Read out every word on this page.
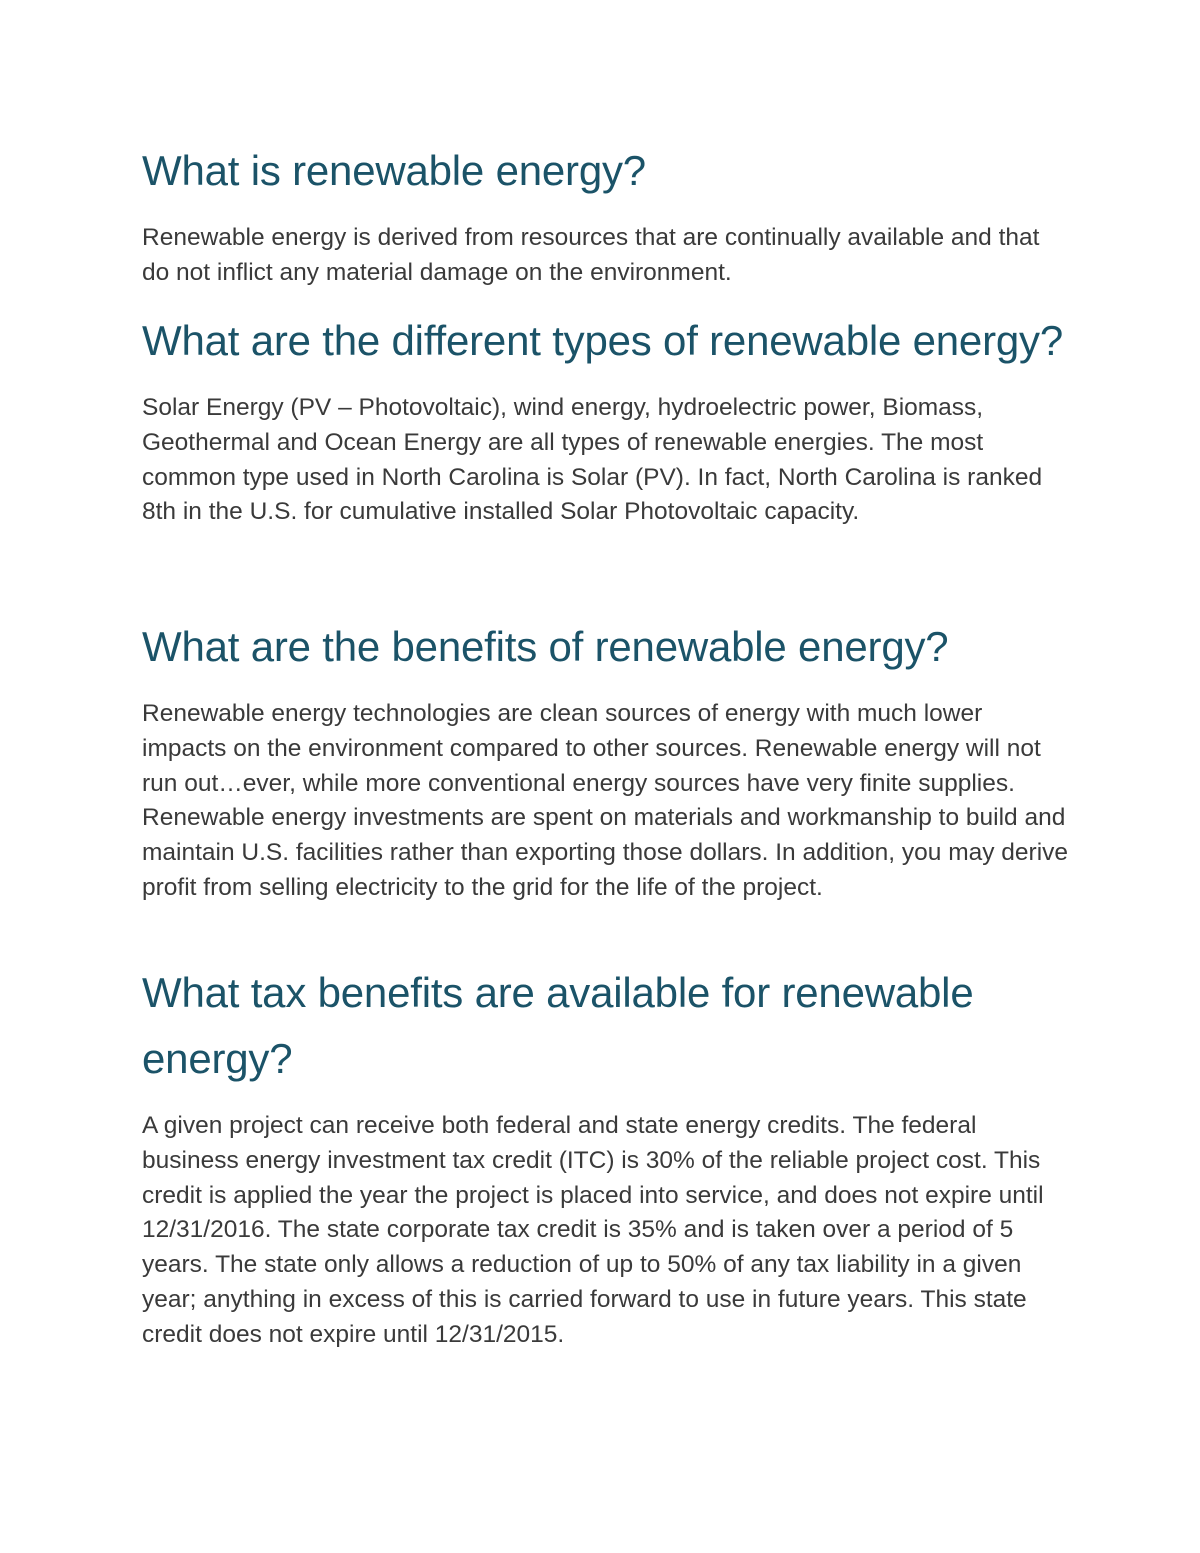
What is renewable energy?

Renewable energy is derived from resources that are continually available and that do not inflict any material damage on the environment.

What are the different types of renewable energy?

Solar Energy (PV – Photovoltaic), wind energy, hydroelectric power, Biomass, Geothermal and Ocean Energy are all types of renewable energies. The most common type used in North Carolina is Solar (PV). In fact, North Carolina is ranked 8th in the U.S. for cumulative installed Solar Photovoltaic capacity.

What are the benefits of renewable energy?

Renewable energy technologies are clean sources of energy with much lower impacts on the environment compared to other sources. Renewable energy will not run out…ever, while more conventional energy sources have very finite supplies. Renewable energy investments are spent on materials and workmanship to build and maintain U.S. facilities rather than exporting those dollars. In addition, you may derive profit from selling electricity to the grid for the life of the project.

What tax benefits are available for renewable energy?

A given project can receive both federal and state energy credits. The federal business energy investment tax credit (ITC) is 30% of the reliable project cost. This credit is applied the year the project is placed into service, and does not expire until 12/31/2016. The state corporate tax credit is 35% and is taken over a period of 5 years. The state only allows a reduction of up to 50% of any tax liability in a given year; anything in excess of this is carried forward to use in future years. This state credit does not expire until 12/31/2015.
